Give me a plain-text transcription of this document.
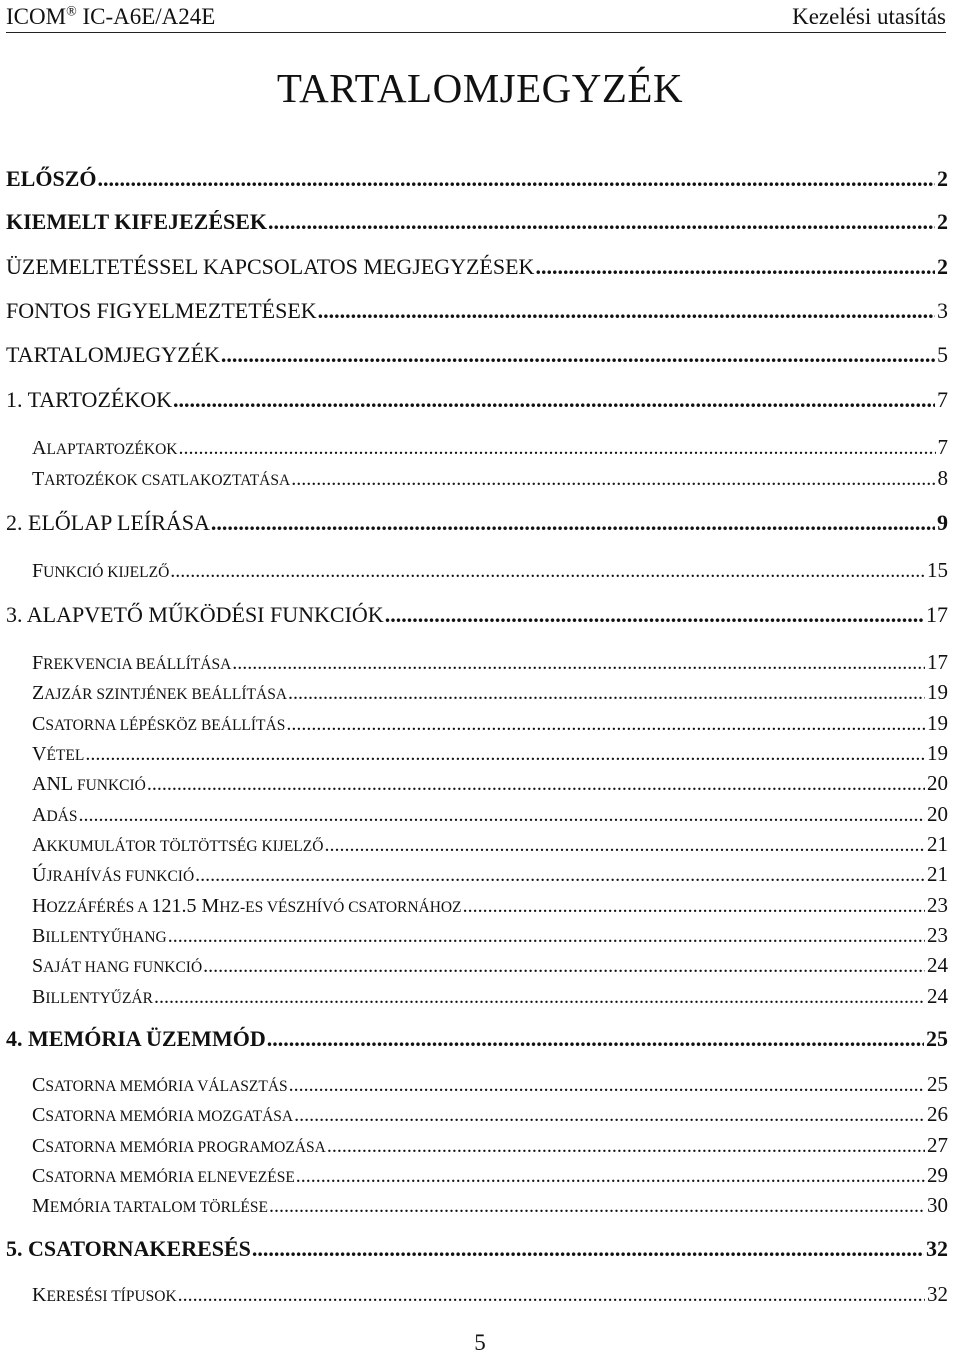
ICOM® IC-A6E/A24E	Kezelési utasítás
TARTALOMJEGYZÉK
ELŐSZÓ .....	2
KIEMELT KIFEJEZÉSEK .....	2
ÜZEMELTETÉSSEL KAPCSOLATOS MEGJEGYZÉSEK .....	2
FONTOS FIGYELMEZTETÉSEK .....	3
TARTALOMJEGYZÉK .....	5
1. TARTOZÉKOK .....	7
ALAPTARTOZÉKOK .....	7
TARTOZÉKOK CSATLAKOZTATÁSA .....	8
2. ELŐLAP LEÍRÁSA .....	9
FUNKCIÓ KIJELZŐ .....	15
3. ALAPVETŐ MŰKÖDÉSI FUNKCIÓK .....	17
FREKVENCIA BEÁLLÍTÁSA .....	17
ZAJZÁR SZINTJÉNEK BEÁLLÍTÁSA .....	19
CSATORNA LÉPÉSKÖZ BEÁLLÍTÁS .....	19
VÉTEL .....	19
ANL FUNKCIÓ .....	20
ADÁS .....	20
AKKUMULÁTOR TÖLTÖTTSÉG KIJELZŐ .....	21
ÚJRAHÍVÁS FUNKCIÓ .....	21
HOZZÁFÉRÉS A 121.5 MHZ-ES VÉSZHÍVÓ CSATORNÁHOZ .....	23
BILLENTYŰHANG .....	23
SAJÁT HANG FUNKCIÓ .....	24
BILLENTYŰZÁR .....	24
4. MEMÓRIA ÜZEMMÓD .....	25
CSATORNA MEMÓRIA VÁLASZTÁS .....	25
CSATORNA MEMÓRIA MOZGATÁSA .....	26
CSATORNA MEMÓRIA PROGRAMOZÁSA .....	27
CSATORNA MEMÓRIA ELNEVEZÉSE .....	29
MEMÓRIA TARTALOM TÖRLÉSE .....	30
5. CSATORNAKERESÉS .....	32
KERESÉSI TÍPUSOK .....	32
5
